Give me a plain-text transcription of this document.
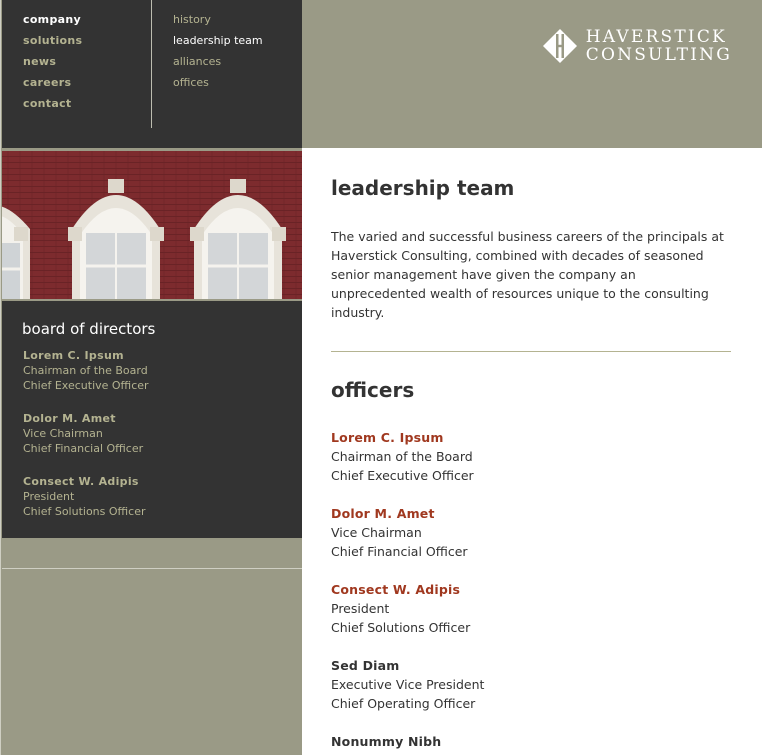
company
solutions
news
careers
contact
history
leadership team
alliances
offices
board of directors
Lorem C. Ipsum
Chairman of the Board
Chief Executive Officer
Dolor M. Amet
Vice Chairman
Chief Financial Officer
Consect W. Adipis
President
Chief Solutions Officer
HAVERSTICK
CONSULTING
leadership team

The varied and successful business careers of the principals at Haverstick Consulting, combined with decades of seasoned senior management have given the company an unprecedented wealth of resources unique to the consulting industry.

officers
Lorem C. Ipsum
Chairman of the Board
Chief Executive Officer
Dolor M. Amet
Vice Chairman
Chief Financial Officer
Consect W. Adipis
President
Chief Solutions Officer
Sed Diam
Executive Vice President
Chief Operating Officer
Nonummy Nibh
